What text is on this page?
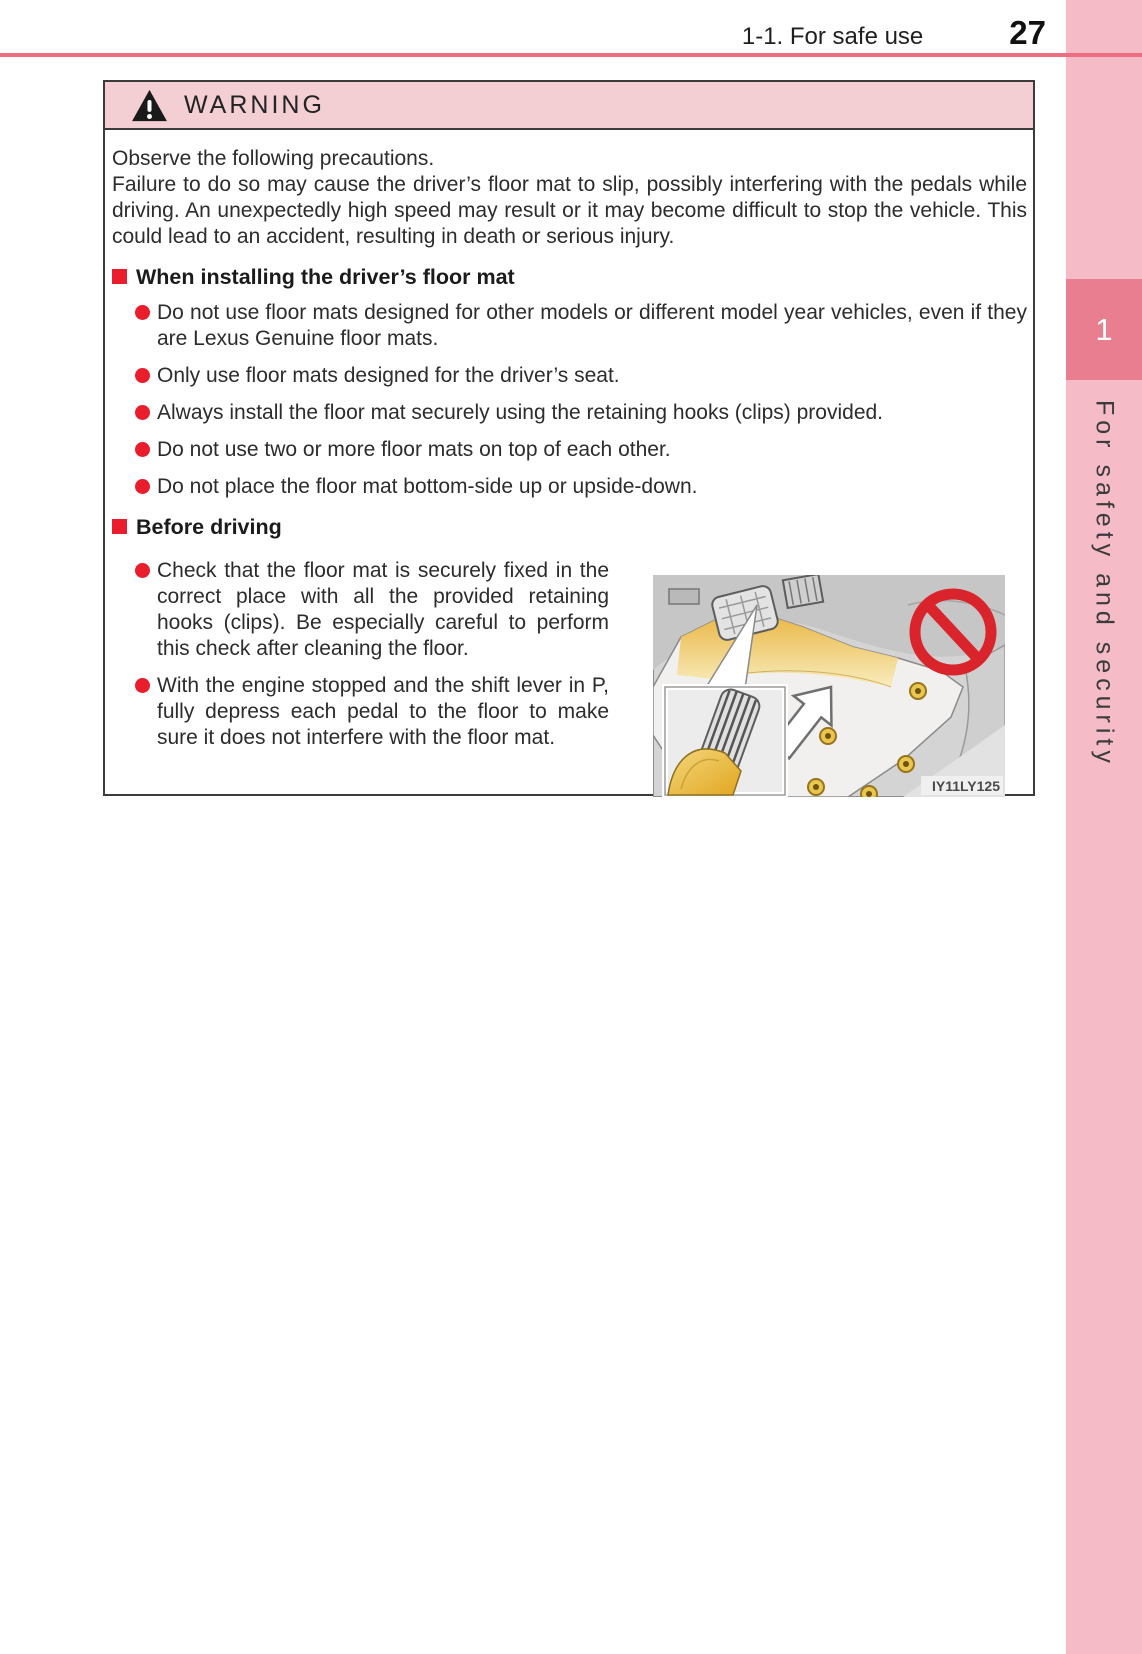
1
For safety and security
1-1. For safe use	27
WARNING

Observe the following precautions.

Failure to do so may cause the driver’s floor mat to slip, possibly interfering with the pedals while driving. An unexpectedly high speed may result or it may become difficult to stop the vehicle. This could lead to an accident, resulting in death or serious injury.

When installing the driver’s floor mat

Do not use floor mats designed for other models or different model year vehicles, even if they are Lexus Genuine floor mats.

Only use floor mats designed for the driver’s seat.

Always install the floor mat securely using the retaining hooks (clips) provided.

Do not use two or more floor mats on top of each other.

Do not place the floor mat bottom-side up or upside-down.

Before driving

Check that the floor mat is securely fixed in the correct place with all the provided retaining hooks (clips). Be especially careful to perform this check after cleaning the floor.

With the engine stopped and the shift lever in P, fully depress each pedal to the floor to make sure it does not interfere with the floor mat.

IY11LY125
